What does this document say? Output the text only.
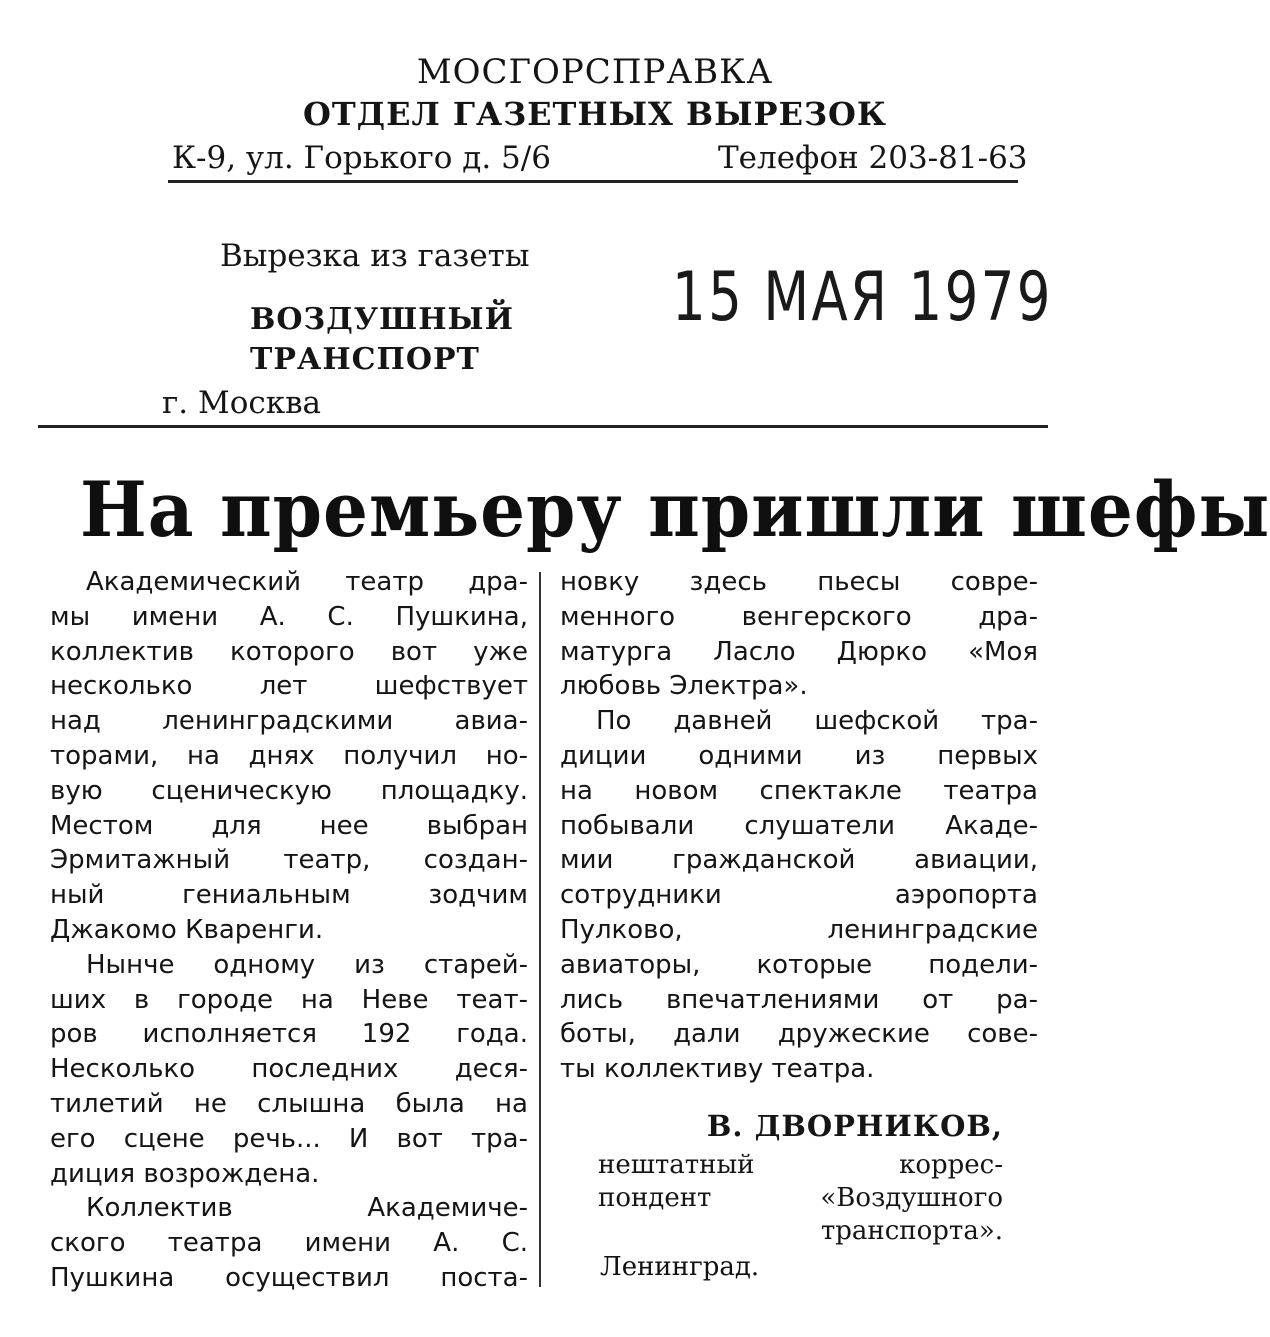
МОСГОРСПРАВКА
ОТДЕЛ ГАЗЕТНЫХ ВЫРЕЗОК
К-9, ул. Горького д. 5/6	Телефон 203-81-63
Вырезка из газеты
ВОЗДУШНЫЙ
ТРАНСПОРТ
г. Москва
15 МАЯ 1979
На премьеру пришли шефы
Академический театр дра-
мы имени А. С. Пушкина,
коллектив которого вот уже
несколько лет шефствует
над ленинградскими авиа-
торами, на днях получил но-
вую сценическую площадку.
Местом для нее выбран
Эрмитажный театр, создан-
ный гениальным зодчим
Джакомо Кваренги.
Нынче одному из старей-
ших в городе на Неве теат-
ров исполняется 192 года.
Несколько последних деся-
тилетий не слышна была на
его сцене речь... И вот тра-
диция возрождена.
Коллектив Академиче-
ского театра имени А. С.
Пушкина осуществил поста-
новку здесь пьесы совре-
менного венгерского дра-
матурга Ласло Дюрко «Моя
любовь Электра».
По давней шефской тра-
диции одними из первых
на новом спектакле театра
побывали слушатели Акаде-
мии гражданской авиации,
сотрудники аэропорта
Пулково, ленинградские
авиаторы, которые подели-
лись впечатлениями от ра-
боты, дали дружеские сове-
ты коллективу театра.
В. ДВОРНИКОВ,
нештатный коррес-
пондент «Воздушного
транспорта».
Ленинград.
